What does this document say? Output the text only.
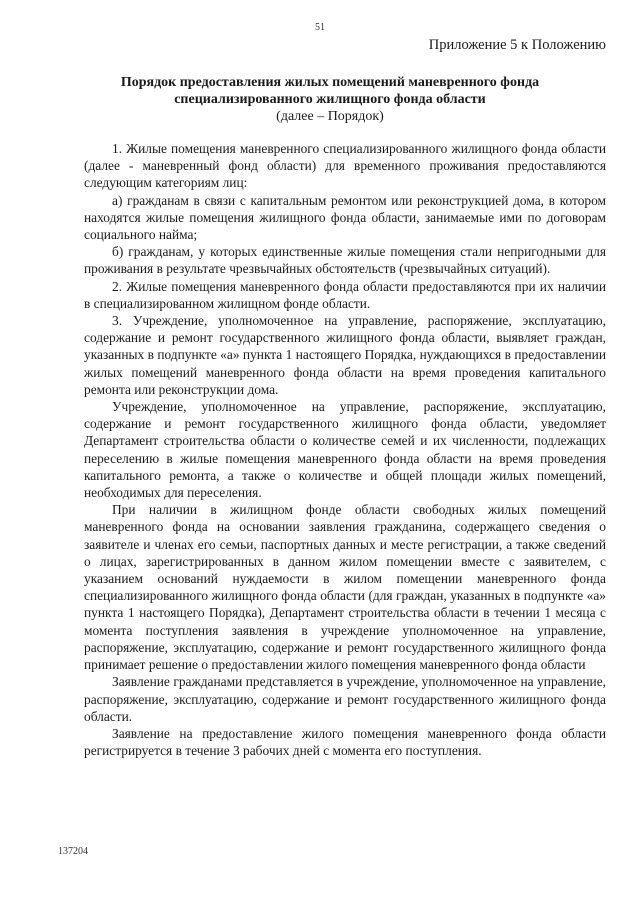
51
Приложение 5 к Положению
Порядок предоставления жилых помещений маневренного фонда
специализированного жилищного фонда области
(далее – Порядок)

1. Жилые помещения маневренного специализированного жилищного фонда области (далее - маневренный фонд области) для временного проживания предоставляются следующим категориям лиц:

а) гражданам в связи с капитальным ремонтом или реконструкцией дома, в котором находятся жилые помещения жилищного фонда области, занимаемые ими по договорам социального найма;

б) гражданам, у которых единственные жилые помещения стали непригодными для проживания в результате чрезвычайных обстоятельств (чрезвычайных ситуаций).

2. Жилые помещения маневренного фонда области предоставляются при их наличии в специализированном жилищном фонде области.

3. Учреждение, уполномоченное на управление, распоряжение, эксплуатацию, содержание и ремонт государственного жилищного фонда области, выявляет граждан, указанных в подпункте «а» пункта 1 настоящего Порядка, нуждающихся в предоставлении жилых помещений маневренного фонда области на время проведения капитального ремонта или реконструкции дома.

Учреждение, уполномоченное на управление, распоряжение, эксплуатацию, содержание и ремонт государственного жилищного фонда области, уведомляет Департамент строительства области о количестве семей и их численности, подлежащих переселению в жилые помещения маневренного фонда области на время проведения капитального ремонта, а также о количестве и общей площади жилых помещений, необходимых для переселения.

При наличии в жилищном фонде области свободных жилых помещений маневренного фонда на основании заявления гражданина, содержащего сведения о заявителе и членах его семьи, паспортных данных и месте регистрации, а также сведений о лицах, зарегистрированных в данном жилом помещении вместе с заявителем, с указанием оснований нуждаемости в жилом помещении маневренного фонда специализированного жилищного фонда области (для граждан, указанных в подпункте «а» пункта 1 настоящего Порядка), Департамент строительства области в течении 1 месяца с момента поступления заявления в учреждение уполномоченное на управление, распоряжение, эксплуатацию, содержание и ремонт государственного жилищного фонда принимает решение о предоставлении жилого помещения маневренного фонда области

Заявление гражданами представляется в учреждение, уполномоченное на управление, распоряжение, эксплуатацию, содержание и ремонт государственного жилищного фонда области.

Заявление на предоставление жилого помещения маневренного фонда области регистрируется в течение 3 рабочих дней с момента его поступления.

137204
